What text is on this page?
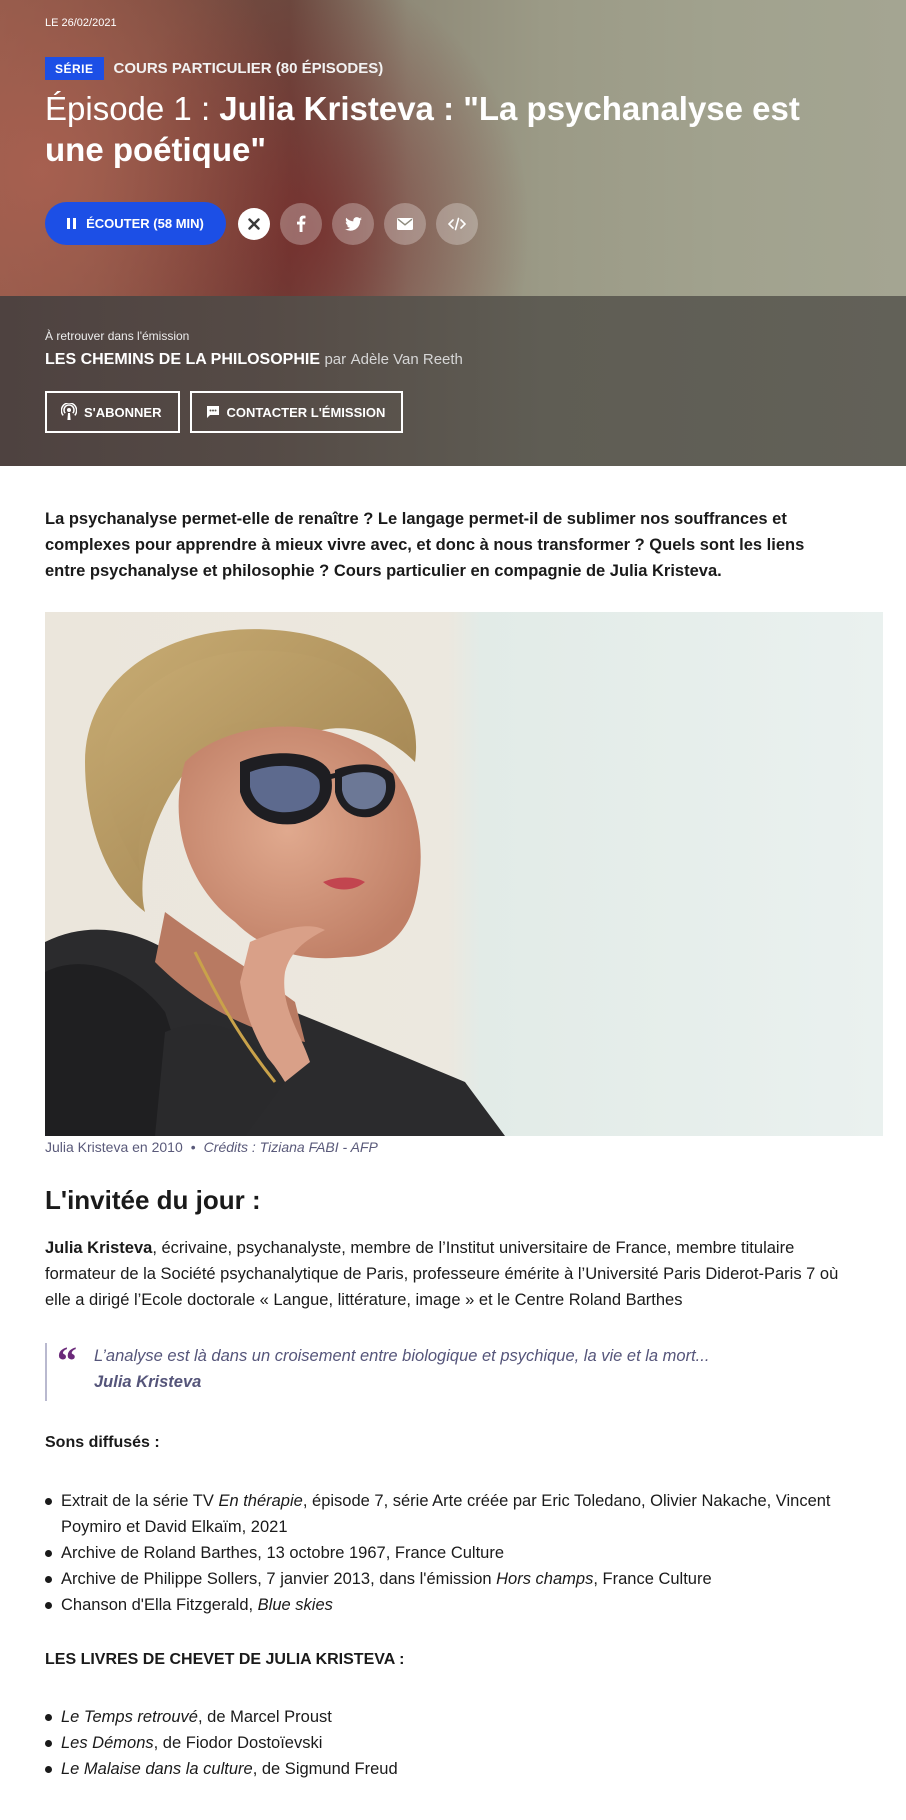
LE 26/02/2021
SÉRIE	COURS PARTICULIER (80 ÉPISODES)
Épisode 1 : Julia Kristeva : "La psychanalyse est une poétique"
ÉCOUTER (58 MIN)
À retrouver dans l'émission
LES CHEMINS DE LA PHILOSOPHIE par Adèle Van Reeth
S'ABONNER	CONTACTER L'ÉMISSION

La psychanalyse permet-elle de renaître ? Le langage permet-il de sublimer nos souffrances et complexes pour apprendre à mieux vivre avec, et donc à nous transformer ? Quels sont les liens entre psychanalyse et philosophie ? Cours particulier en compagnie de Julia Kristeva.

Julia Kristeva en 2010 • Crédits : Tiziana FABI - AFP
L'invitée du jour :

Julia Kristeva, écrivaine, psychanalyste, membre de l’Institut universitaire de France, membre titulaire formateur de la Société psychanalytique de Paris, professeure émérite à l’Université Paris Diderot-Paris 7 où elle a dirigé l’Ecole doctorale « Langue, littérature, image » et le Centre Roland Barthes

“ L’analyse est là dans un croisement entre biologique et psychique, la vie et la mort...
Julia Kristeva
Sons diffusés :
Extrait de la série TV En thérapie, épisode 7, série Arte créée par Eric Toledano, Olivier Nakache, Vincent Poymiro et David Elkaïm, 2021
Archive de Roland Barthes, 13 octobre 1967, France Culture
Archive de Philippe Sollers, 7 janvier 2013, dans l'émission Hors champs, France Culture
Chanson d'Ella Fitzgerald, Blue skies
LES LIVRES DE CHEVET DE JULIA KRISTEVA :
Le Temps retrouvé, de Marcel Proust
Les Démons, de Fiodor Dostoïevski
Le Malaise dans la culture, de Sigmund Freud
